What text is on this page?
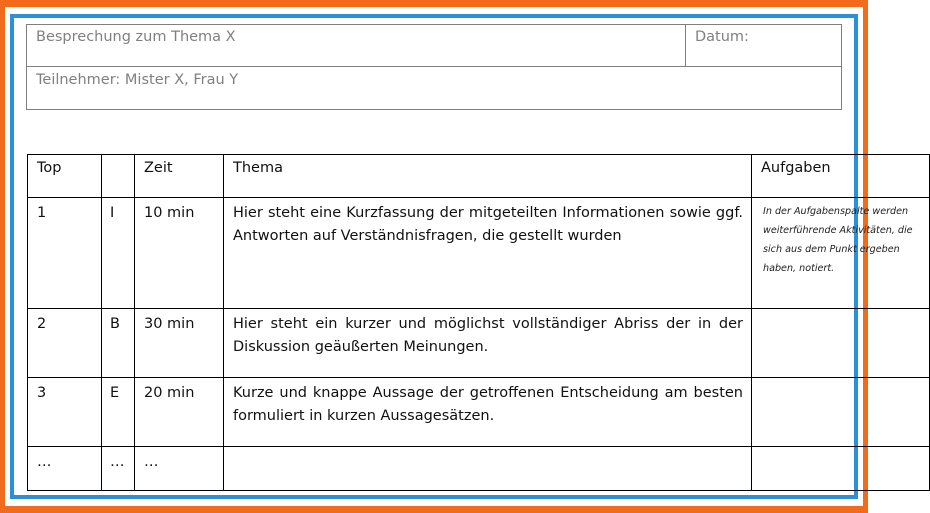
Besprechung zum Thema X	Datum:
Teilnehmer: Mister X, Frau Y
Top		Zeit	Thema	Aufgaben
1	I	10 min	Hier steht eine Kurzfassung der mitgeteilten Informationen sowie ggf. Antworten auf Verständnisfragen, die gestellt wurden	In der Aufgabenspalte werden weiterführende Aktivitäten, die sich aus dem Punkt ergeben haben, notiert.

2	B	30 min	Hier steht ein kurzer und möglichst vollständiger Abriss der in der Diskussion geäußerten Meinungen.	
3	E	20 min	Kurze und knappe Aussage der getroffenen Entscheidung am besten formuliert in kurzen Aussagesätzen.	
…	…	…		
